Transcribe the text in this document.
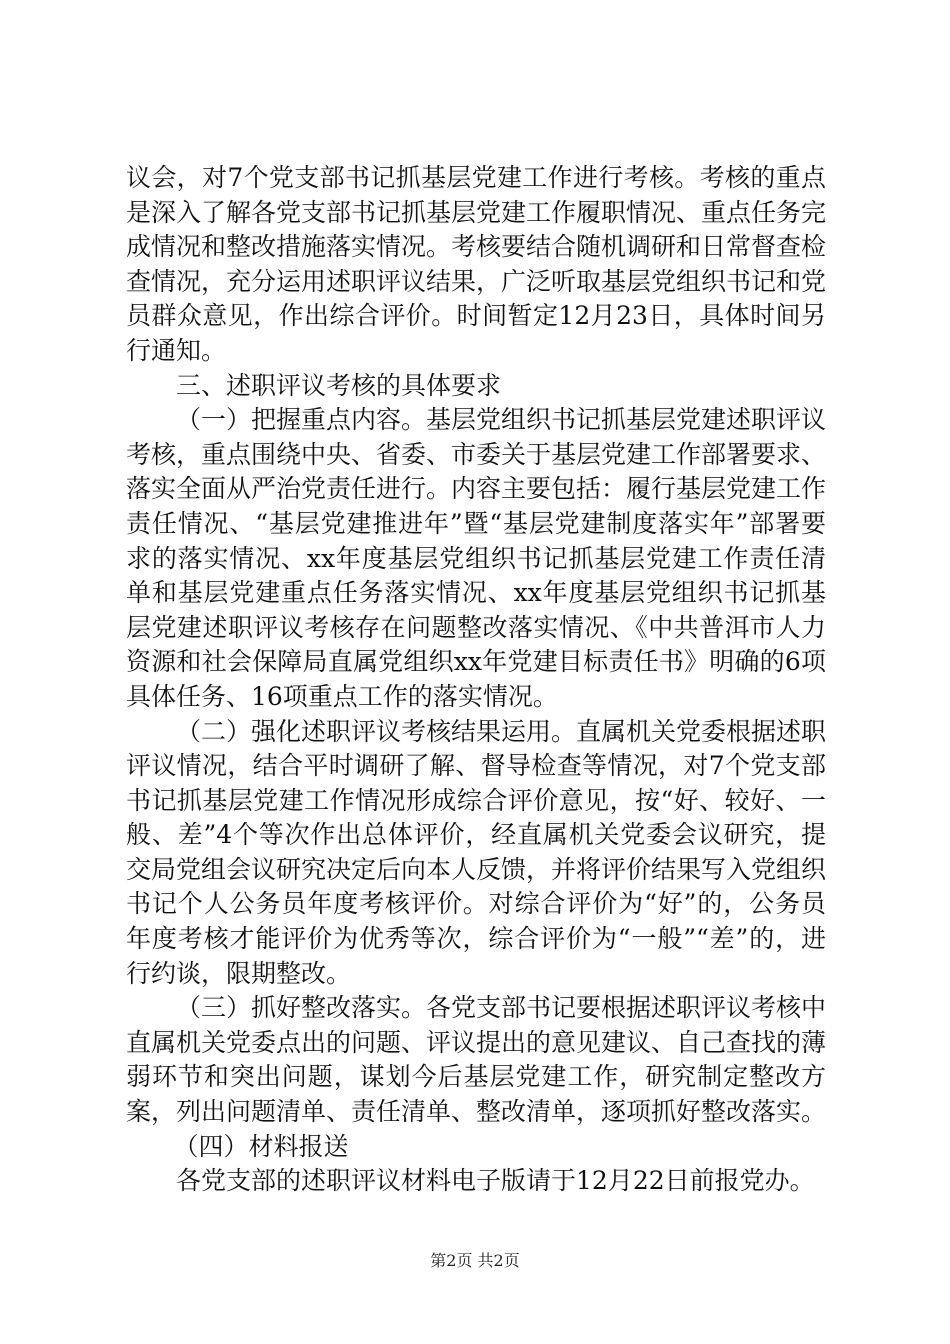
议会，对7个党支部书记抓基层党建工作进行考核。考核的重点是深入了解各党支部书记抓基层党建工作履职情况、重点任务完成情况和整改措施落实情况。考核要结合随机调研和日常督查检查情况，充分运用述职评议结果，广泛听取基层党组织书记和党员群众意见，作出综合评价。时间暂定12月23日，具体时间另行通知。

三、述职评议考核的具体要求

（一）把握重点内容。基层党组织书记抓基层党建述职评议考核，重点围绕中央、省委、市委关于基层党建工作部署要求、落实全面从严治党责任进行。内容主要包括：履行基层党建工作责任情况、“基层党建推进年”暨“基层党建制度落实年”部署要求的落实情况、xx年度基层党组织书记抓基层党建工作责任清单和基层党建重点任务落实情况、xx年度基层党组织书记抓基层党建述职评议考核存在问题整改落实情况、《中共普洱市人力资源和社会保障局直属党组织xx年党建目标责任书》明确的6项具体任务、16项重点工作的落实情况。

（二）强化述职评议考核结果运用。直属机关党委根据述职评议情况，结合平时调研了解、督导检查等情况，对7个党支部书记抓基层党建工作情况形成综合评价意见，按“好、较好、一般、差”4个等次作出总体评价，经直属机关党委会议研究，提交局党组会议研究决定后向本人反馈，并将评价结果写入党组织书记个人公务员年度考核评价。对综合评价为“好”的，公务员年度考核才能评价为优秀等次，综合评价为“一般”“差”的，进行约谈，限期整改。

（三）抓好整改落实。各党支部书记要根据述职评议考核中直属机关党委点出的问题、评议提出的意见建议、自己查找的薄弱环节和突出问题，谋划今后基层党建工作，研究制定整改方案，列出问题清单、责任清单、整改清单，逐项抓好整改落实。

（四）材料报送

各党支部的述职评议材料电子版请于12月22日前报党办。

第2页 共2页
